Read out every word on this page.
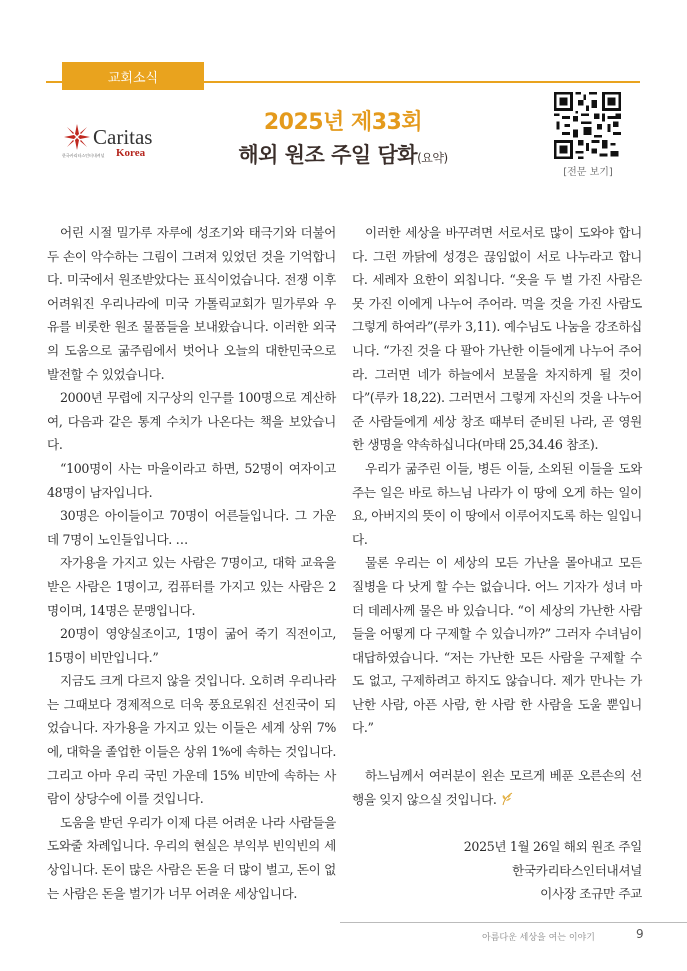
교회소식
Caritas
Korea
한국카리타스인터내셔널
2025년 제33회
해외 원조 주일 담화(요약)
[전문 보기]

어린 시절 밀가루 자루에 성조기와 태극기와 더불어 두 손이 악수하는 그림이 그려져 있었던 것을 기억합니다. 미국에서 원조받았다는 표식이었습니다. 전쟁 이후 어려워진 우리나라에 미국 가톨릭교회가 밀가루와 우유를 비롯한 원조 물품들을 보내왔습니다. 이러한 외국의 도움으로 굶주림에서 벗어나 오늘의 대한민국으로 발전할 수 있었습니다.

2000년 무렵에 지구상의 인구를 100명으로 계산하여, 다음과 같은 통계 수치가 나온다는 책을 보았습니다.

“100명이 사는 마을이라고 하면, 52명이 여자이고 48명이 남자입니다.

30명은 아이들이고 70명이 어른들입니다. 그 가운데 7명이 노인들입니다. …

자가용을 가지고 있는 사람은 7명이고, 대학 교육을 받은 사람은 1명이고, 컴퓨터를 가지고 있는 사람은 2명이며, 14명은 문맹입니다.

20명이 영양실조이고, 1명이 굶어 죽기 직전이고, 15명이 비만입니다.”

지금도 크게 다르지 않을 것입니다. 오히려 우리나라는 그때보다 경제적으로 더욱 풍요로워진 선진국이 되었습니다. 자가용을 가지고 있는 이들은 세계 상위 7%에, 대학을 졸업한 이들은 상위 1%에 속하는 것입니다. 그리고 아마 우리 국민 가운데 15% 비만에 속하는 사람이 상당수에 이를 것입니다.

도움을 받던 우리가 이제 다른 어려운 나라 사람들을 도와줄 차례입니다. 우리의 현실은 부익부 빈익빈의 세상입니다. 돈이 많은 사람은 돈을 더 많이 벌고, 돈이 없는 사람은 돈을 벌기가 너무 어려운 세상입니다.

이러한 세상을 바꾸려면 서로서로 많이 도와야 합니다. 그런 까닭에 성경은 끊임없이 서로 나누라고 합니다. 세례자 요한이 외칩니다. “옷을 두 벌 가진 사람은 못 가진 이에게 나누어 주어라. 먹을 것을 가진 사람도 그렇게 하여라”(루카 3,11). 예수님도 나눔을 강조하십니다. “가진 것을 다 팔아 가난한 이들에게 나누어 주어라. 그러면 네가 하늘에서 보물을 차지하게 될 것이다”(루카 18,22). 그러면서 그렇게 자신의 것을 나누어 준 사람들에게 세상 창조 때부터 준비된 나라, 곧 영원한 생명을 약속하십니다(마태 25,34.46 참조).

우리가 굶주린 이들, 병든 이들, 소외된 이들을 도와주는 일은 바로 하느님 나라가 이 땅에 오게 하는 일이요, 아버지의 뜻이 이 땅에서 이루어지도록 하는 일입니다.

물론 우리는 이 세상의 모든 가난을 몰아내고 모든 질병을 다 낫게 할 수는 없습니다. 어느 기자가 성녀 마더 데레사께 물은 바 있습니다. “이 세상의 가난한 사람들을 어떻게 다 구제할 수 있습니까?” 그러자 수녀님이 대답하였습니다. “저는 가난한 모든 사람을 구제할 수도 없고, 구제하려고 하지도 않습니다. 제가 만나는 가난한 사람, 아픈 사람, 한 사람 한 사람을 도울 뿐입니다.”

하느님께서 여러분이 왼손 모르게 베푼 오른손의 선행을 잊지 않으실 것입니다.

2025년 1월 26일 해외 원조 주일

한국카리타스인터내셔널

이사장 조규만 주교

아름다운 세상을 여는 이야기	9
